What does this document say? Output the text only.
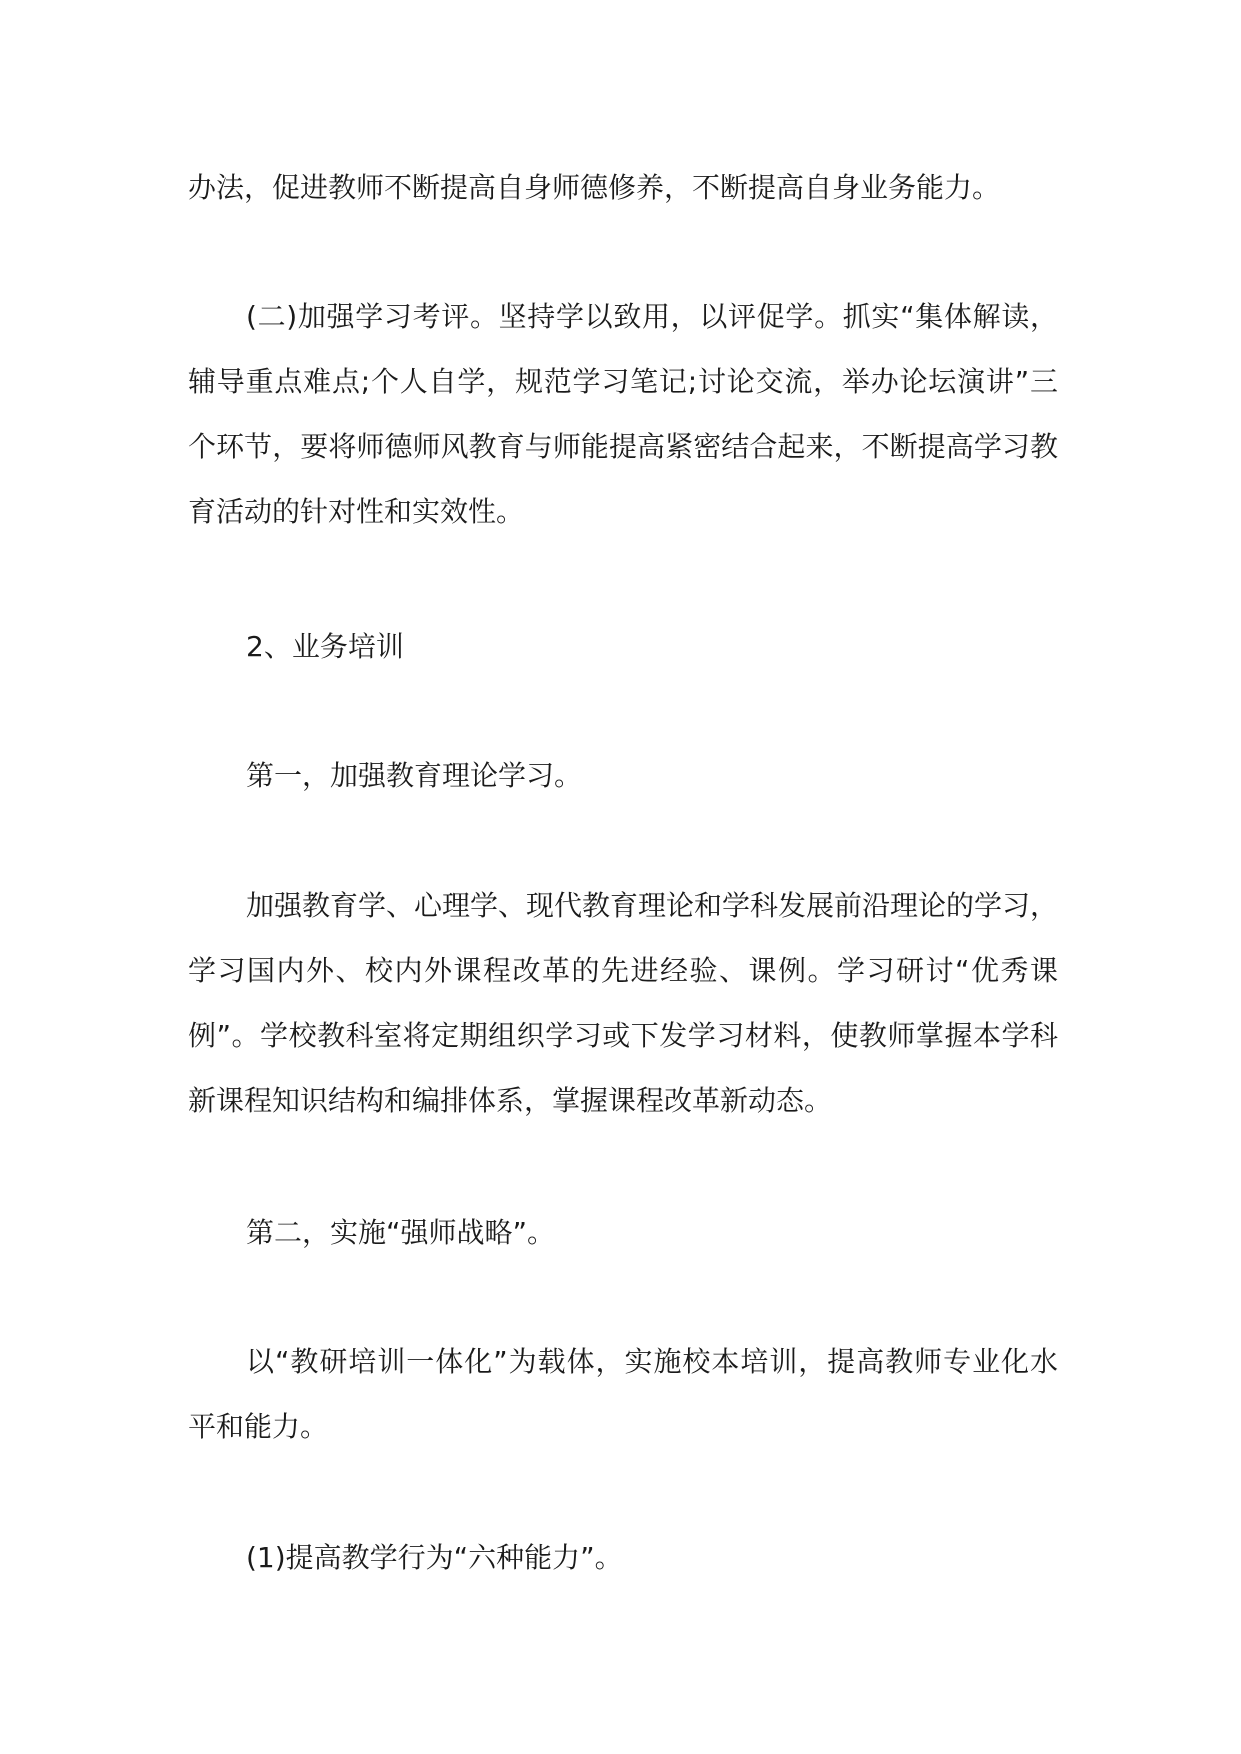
办法，促进教师不断提高自身师德修养，不断提高自身业务能力。

(二)加强学习考评。坚持学以致用，以评促学。抓实“集体解读，辅导重点难点;个人自学，规范学习笔记;讨论交流，举办论坛演讲”三个环节，要将师德师风教育与师能提高紧密结合起来，不断提高学习教育活动的针对性和实效性。

2、业务培训

第一，加强教育理论学习。

加强教育学、心理学、现代教育理论和学科发展前沿理论的学习，学习国内外、校内外课程改革的先进经验、课例。学习研讨“优秀课例”。学校教科室将定期组织学习或下发学习材料，使教师掌握本学科新课程知识结构和编排体系，掌握课程改革新动态。

第二，实施“强师战略”。

以“教研培训一体化”为载体，实施校本培训，提高教师专业化水平和能力。

(1)提高教学行为“六种能力”。
